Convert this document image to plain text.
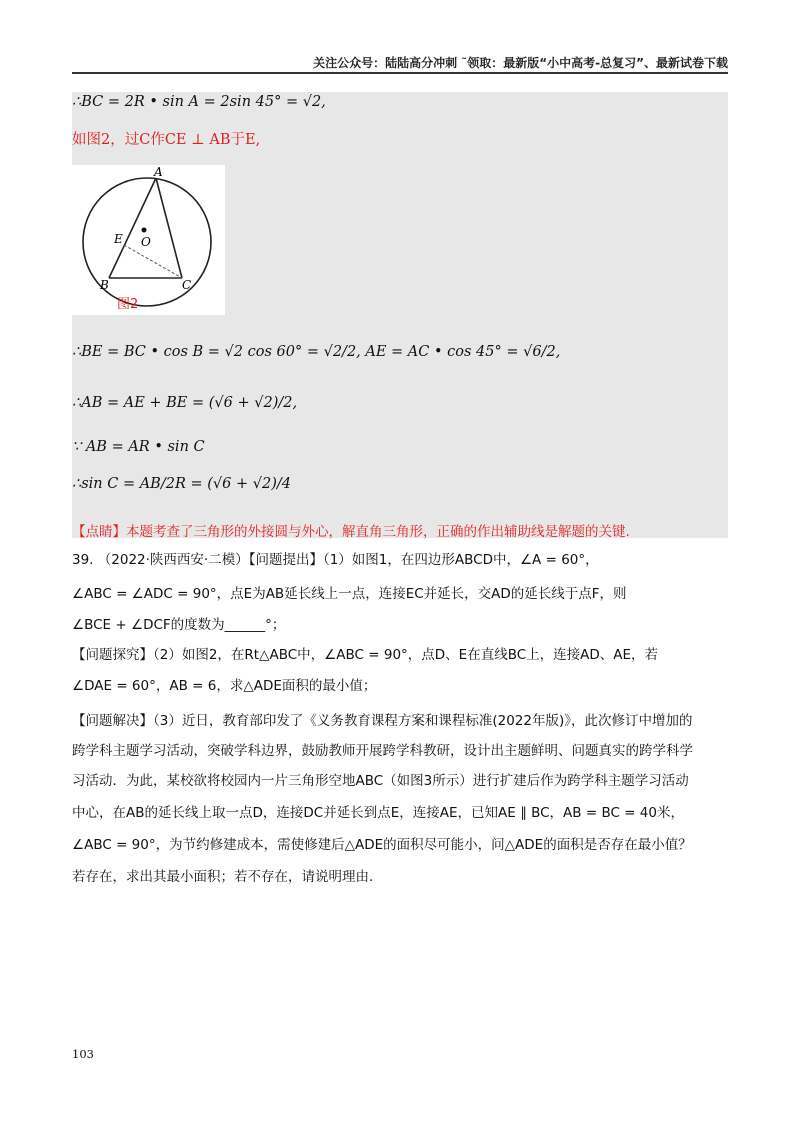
关注公众号：陆陆高分冲刺 ˜领取：最新版“小中高考-总复习”、最新试卷下载
∴BC = 2R • sin A = 2sin 45° = √2,
如图2，过C作CE ⊥ AB于E,
A
B	C
E O
图2
∴BE = BC • cos B = √2 cos 60° = √2/2, AE = AC • cos 45° = √6/2,
∴AB = AE + BE = (√6 + √2)/2,
∵ AB = AR • sin C
∴sin C = AB/2R = (√6 + √2)/4
【点睛】本题考查了三角形的外接圆与外心，解直角三角形，正确的作出辅助线是解题的关键.
39. （2022·陕西西安·二模）【问题提出】（1）如图1，在四边形ABCD中，∠A = 60°，
∠ABC = ∠ADC = 90°，点E为AB延长线上一点，连接EC并延长，交AD的延长线于点F，则
∠BCE + ∠DCF的度数为______°；
【问题探究】（2）如图2，在Rt△ABC中，∠ABC = 90°，点D、E在直线BC上，连接AD、AE，若
∠DAE = 60°，AB = 6，求△ADE面积的最小值；
【问题解决】（3）近日，教育部印发了《义务教育课程方案和课程标准(2022年版)》，此次修订中增加的
跨学科主题学习活动，突破学科边界，鼓励教师开展跨学科教研，设计出主题鲜明、问题真实的跨学科学
习活动．为此，某校欲将校园内一片三角形空地ABC（如图3所示）进行扩建后作为跨学科主题学习活动
中心，在AB的延长线上取一点D，连接DC并延长到点E，连接AE，已知AE ∥ BC，AB = BC = 40米，
∠ABC = 90°，为节约修建成本，需使修建后△ADE的面积尽可能小，问△ADE的面积是否存在最小值？
若存在，求出其最小面积；若不存在，请说明理由.
103
